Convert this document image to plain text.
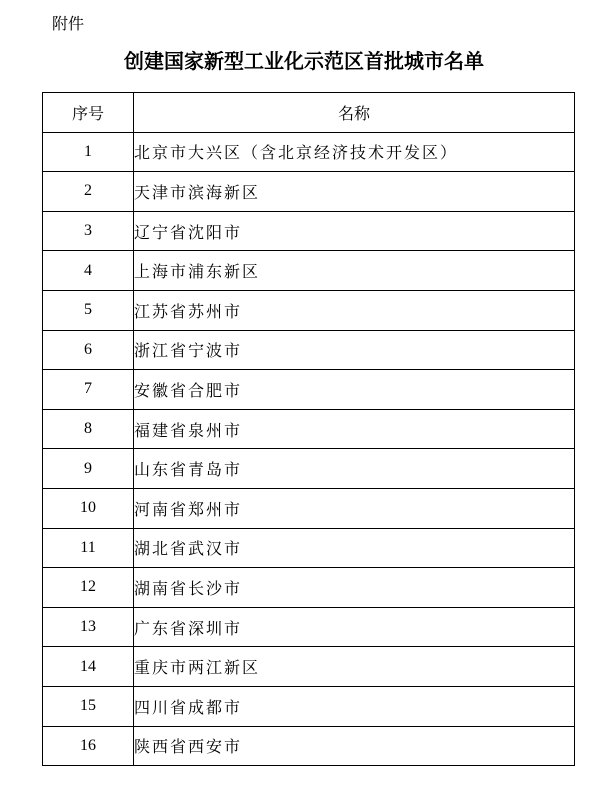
附件

创建国家新型工业化示范区首批城市名单
序号	名称
1	北京市大兴区（含北京经济技术开发区）
2	天津市滨海新区
3	辽宁省沈阳市
4	上海市浦东新区
5	江苏省苏州市
6	浙江省宁波市
7	安徽省合肥市
8	福建省泉州市
9	山东省青岛市
10	河南省郑州市
11	湖北省武汉市
12	湖南省长沙市
13	广东省深圳市
14	重庆市两江新区
15	四川省成都市
16	陕西省西安市
